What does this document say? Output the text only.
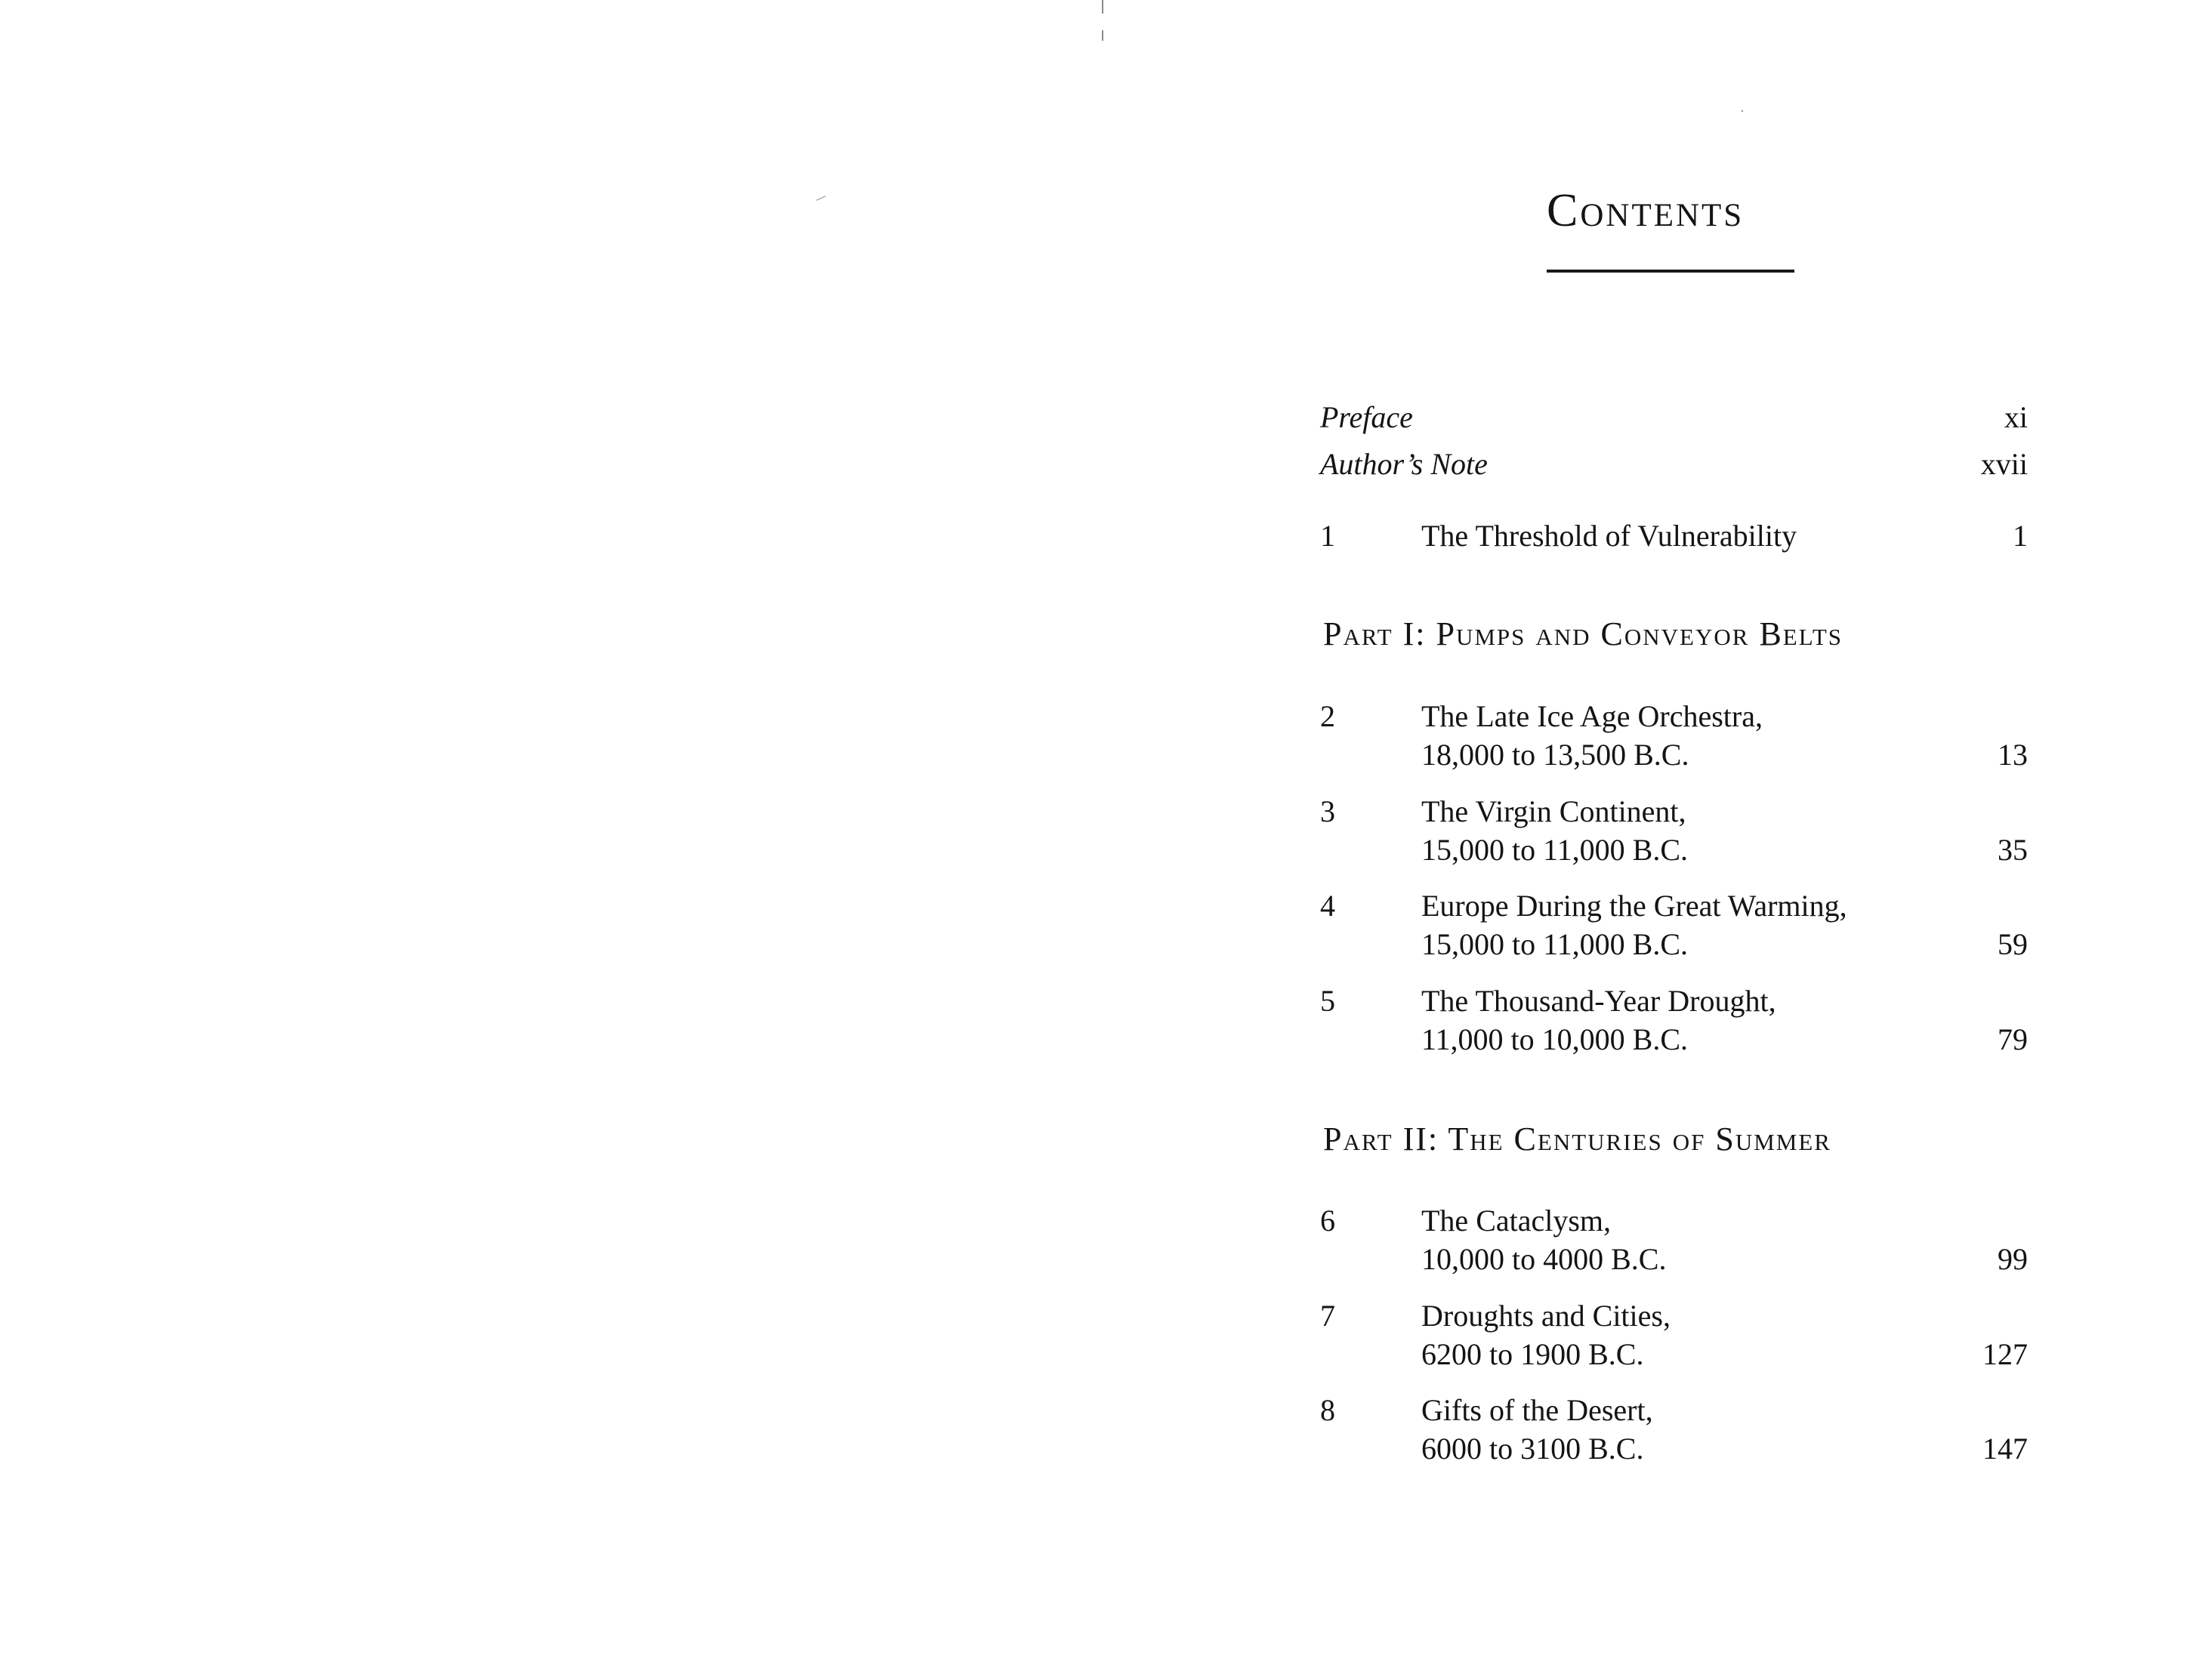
Contents
Preface	xi
Author’s Note	xvii
1	The Threshold of Vulnerability	1
Part I: Pumps and Conveyor Belts
2	The Late Ice Age Orchestra,
18,000 to 13,500 B.C.	13
3	The Virgin Continent,
15,000 to 11,000 B.C.	35
4	Europe During the Great Warming,
15,000 to 11,000 B.C.	59
5	The Thousand-Year Drought,
11,000 to 10,000 B.C.	79
Part II: The Centuries of Summer
6	The Cataclysm,
10,000 to 4000 B.C.	99
7	Droughts and Cities,
6200 to 1900 B.C.	127
8	Gifts of the Desert,
6000 to 3100 B.C.	147
